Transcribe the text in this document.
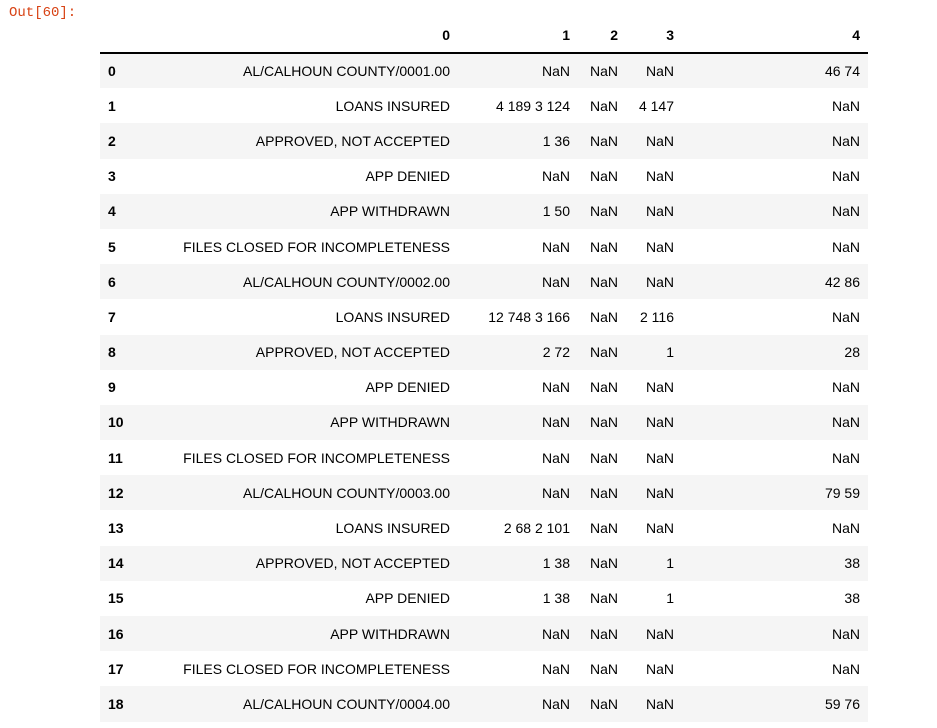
Out[60]:
	0	1	2	3	4
0	AL/CALHOUN COUNTY/0001.00	NaN	NaN	NaN	46 74
1	LOANS INSURED	4 189 3 124	NaN	4 147	NaN
2	APPROVED, NOT ACCEPTED	1 36	NaN	NaN	NaN
3	APP DENIED	NaN	NaN	NaN	NaN
4	APP WITHDRAWN	1 50	NaN	NaN	NaN
5	FILES CLOSED FOR INCOMPLETENESS	NaN	NaN	NaN	NaN
6	AL/CALHOUN COUNTY/0002.00	NaN	NaN	NaN	42 86
7	LOANS INSURED	12 748 3 166	NaN	2 116	NaN
8	APPROVED, NOT ACCEPTED	2 72	NaN	1	28
9	APP DENIED	NaN	NaN	NaN	NaN
10	APP WITHDRAWN	NaN	NaN	NaN	NaN
11	FILES CLOSED FOR INCOMPLETENESS	NaN	NaN	NaN	NaN
12	AL/CALHOUN COUNTY/0003.00	NaN	NaN	NaN	79 59
13	LOANS INSURED	2 68 2 101	NaN	NaN	NaN
14	APPROVED, NOT ACCEPTED	1 38	NaN	1	38
15	APP DENIED	1 38	NaN	1	38
16	APP WITHDRAWN	NaN	NaN	NaN	NaN
17	FILES CLOSED FOR INCOMPLETENESS	NaN	NaN	NaN	NaN
18	AL/CALHOUN COUNTY/0004.00	NaN	NaN	NaN	59 76
